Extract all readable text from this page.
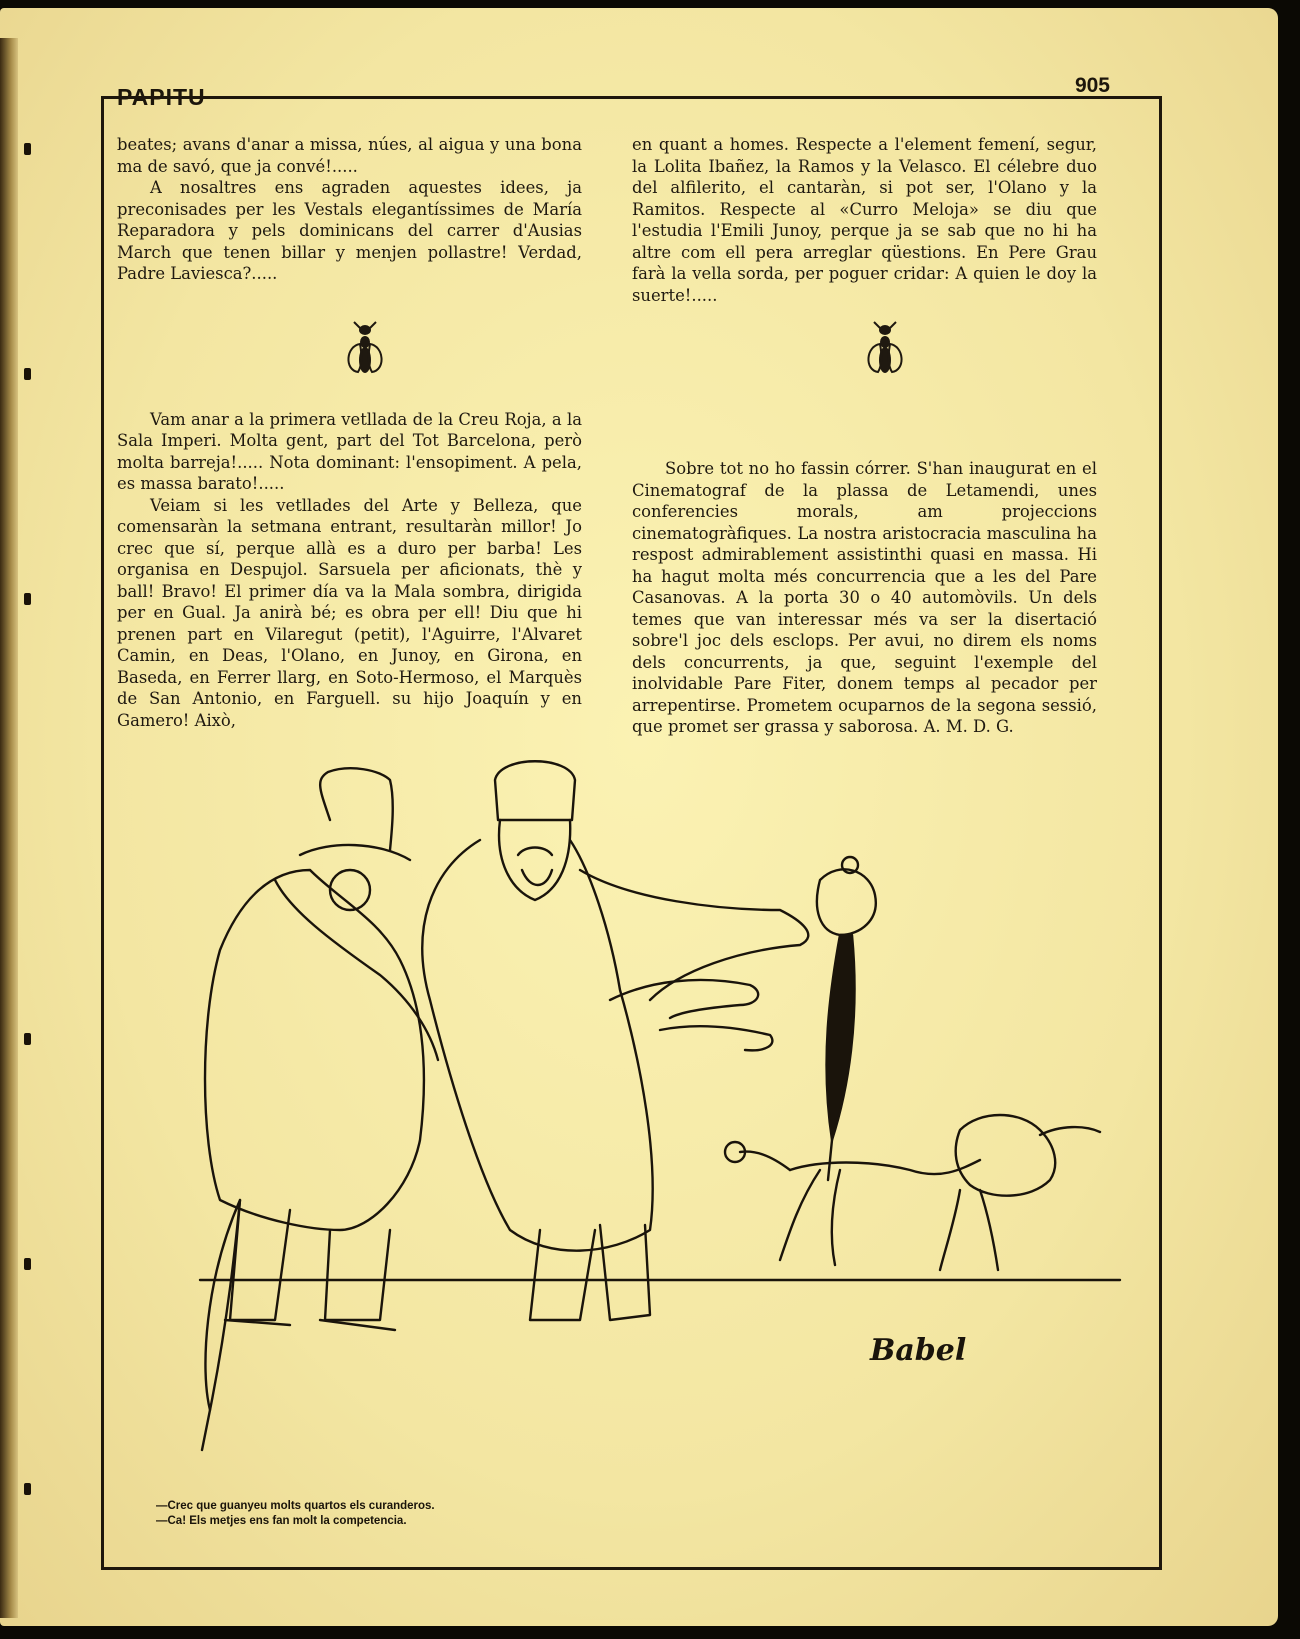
PAPITU	905

beates; avans d'anar a missa, núes, al aigua y una bona ma de savó, que ja convé!.....

A nosaltres ens agraden aquestes idees, ja preconisades per les Vestals elegantíssimes de María Reparadora y pels dominicans del carrer d'Ausias March que tenen billar y menjen pollastre! Verdad, Padre Laviesca?.....

Vam anar a la primera vetllada de la Creu Roja, a la Sala Imperi. Molta gent, part del Tot Barcelona, però molta barreja!..... Nota dominant: l'ensopiment. A pela, es massa barato!.....

Veiam si les vetllades del Arte y Belleza, que comensaràn la setmana entrant, resultaràn millor! Jo crec que sí, perque allà es a duro per barba! Les organisa en Despujol. Sarsuela per aficionats, thè y ball! Bravo! El primer día va la Mala sombra, dirigida per en Gual. Ja anirà bé; es obra per ell! Diu que hi prenen part en Vilaregut (petit), l'Aguirre, l'Alvaret Camin, en Deas, l'Olano, en Junoy, en Girona, en Baseda, en Ferrer llarg, en Soto-Hermoso, el Marquès de San Antonio, en Farguell. su hijo Joaquín y en Gamero! Això,

en quant a homes. Respecte a l'element femení, segur, la Lolita Ibañez, la Ramos y la Velasco. El célebre duo del alfilerito, el cantaràn, si pot ser, l'Olano y la Ramitos. Respecte al «Curro Meloja» se diu que l'estudia l'Emili Junoy, perque ja se sab que no hi ha altre com ell pera arreglar qüestions. En Pere Grau farà la vella sorda, per poguer cridar: A quien le doy la suerte!.....

Sobre tot no ho fassin córrer. S'han inaugurat en el Cinematograf de la plassa de Letamendi, unes conferencies morals, am projeccions cinematogràfiques. La nostra aristocracia masculina ha respost admirablement assistinthi quasi en massa. Hi ha hagut molta més concurrencia que a les del Pare Casanovas. A la porta 30 o 40 automòvils. Un dels temes que van interessar més va ser la disertació sobre'l joc dels esclops. Per avui, no direm els noms dels concurrents, ja que, seguint l'exemple del inolvidable Pare Fiter, donem temps al pecador per arrepentirse. Prometem ocuparnos de la segona sessió, que promet ser grassa y saborosa. A. M. D. G.

Babel
—Crec que guanyeu molts quartos els curanderos.
—Ca! Els metjes ens fan molt la competencia.
